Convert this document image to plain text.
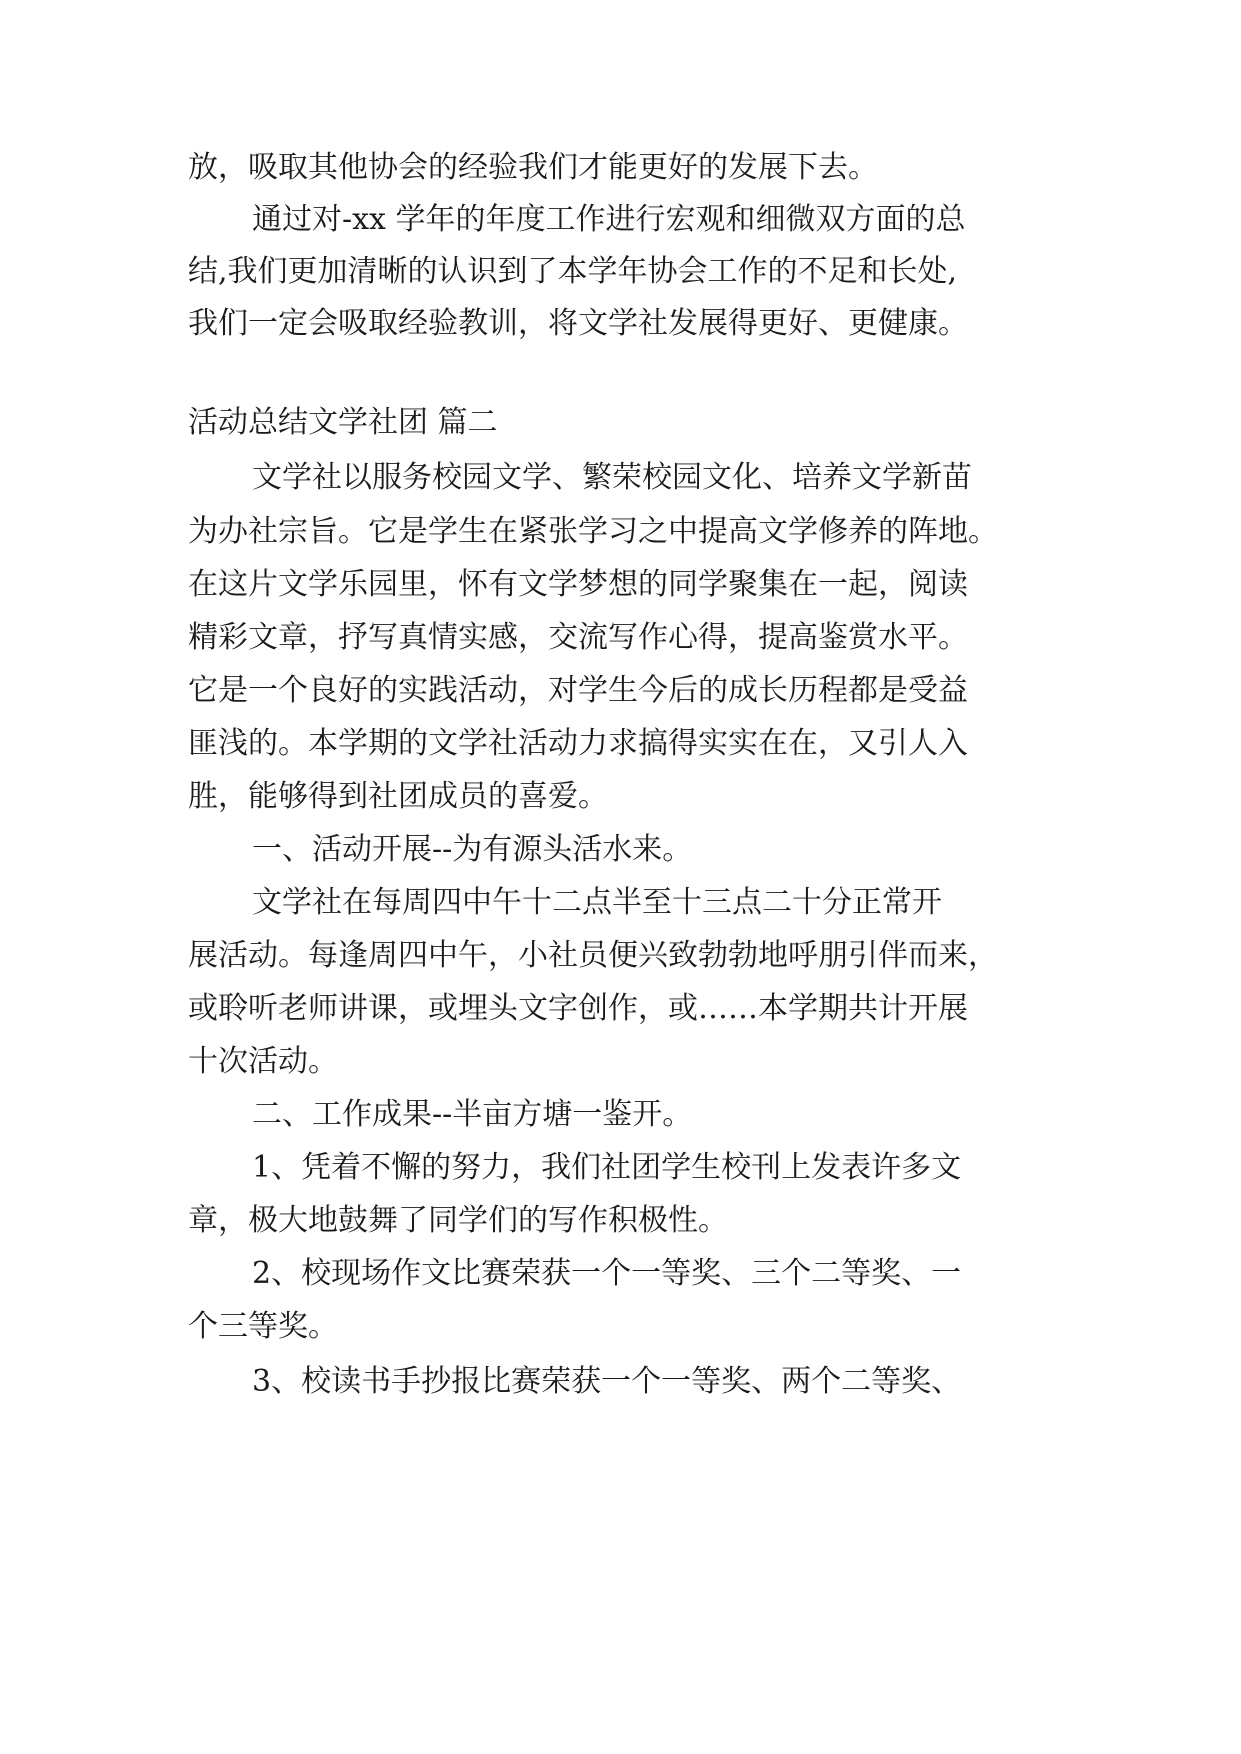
放，吸取其他协会的经验我们才能更好的发展下去。

通过对-xx 学年的年度工作进行宏观和细微双方面的总

结,我们更加清晰的认识到了本学年协会工作的不足和长处,

我们一定会吸取经验教训，将文学社发展得更好、更健康。

活动总结文学社团 篇二

文学社以服务校园文学、繁荣校园文化、培养文学新苗

为办社宗旨。它是学生在紧张学习之中提高文学修养的阵地。

在这片文学乐园里，怀有文学梦想的同学聚集在一起，阅读

精彩文章，抒写真情实感，交流写作心得，提高鉴赏水平。

它是一个良好的实践活动，对学生今后的成长历程都是受益

匪浅的。本学期的文学社活动力求搞得实实在在，又引人入

胜，能够得到社团成员的喜爱。

一、活动开展--为有源头活水来。

文学社在每周四中午十二点半至十三点二十分正常开

展活动。每逢周四中午，小社员便兴致勃勃地呼朋引伴而来，

或聆听老师讲课，或埋头文字创作，或……本学期共计开展

十次活动。

二、工作成果--半亩方塘一鉴开。

1、凭着不懈的努力，我们社团学生校刊上发表许多文

章，极大地鼓舞了同学们的写作积极性。

2、校现场作文比赛荣获一个一等奖、三个二等奖、一

个三等奖。

3、校读书手抄报比赛荣获一个一等奖、两个二等奖、
